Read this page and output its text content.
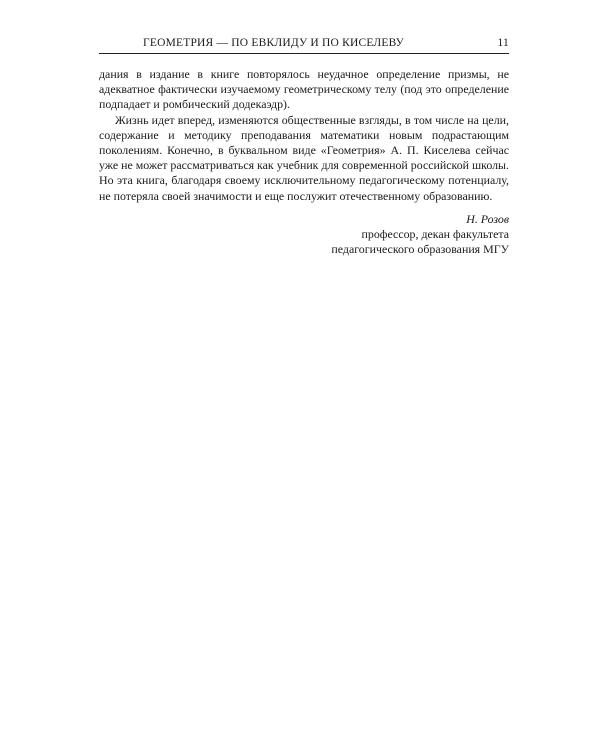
ГЕОМЕТРИЯ — ПО ЕВКЛИДУ И ПО КИСЕЛЕВУ	11

дания в издание в книге повторялось неудачное определение призмы, не адекватное фактически изучаемому геометрическому телу (под это определение подпадает и ромбический додекаэдр).

Жизнь идет вперед, изменяются общественные взгляды, в том числе на цели, содержание и методику преподавания математики новым подрастающим поколениям. Конечно, в буквальном виде «Геометрия» А. П. Киселева сейчас уже не может рассматриваться как учебник для современной российской школы. Но эта книга, благодаря своему исключительному педагогическому потенциалу, не потеряла своей значимости и еще послужит отечественному образованию.

Н. Розов
профессор, декан факультета
педагогического образования МГУ
